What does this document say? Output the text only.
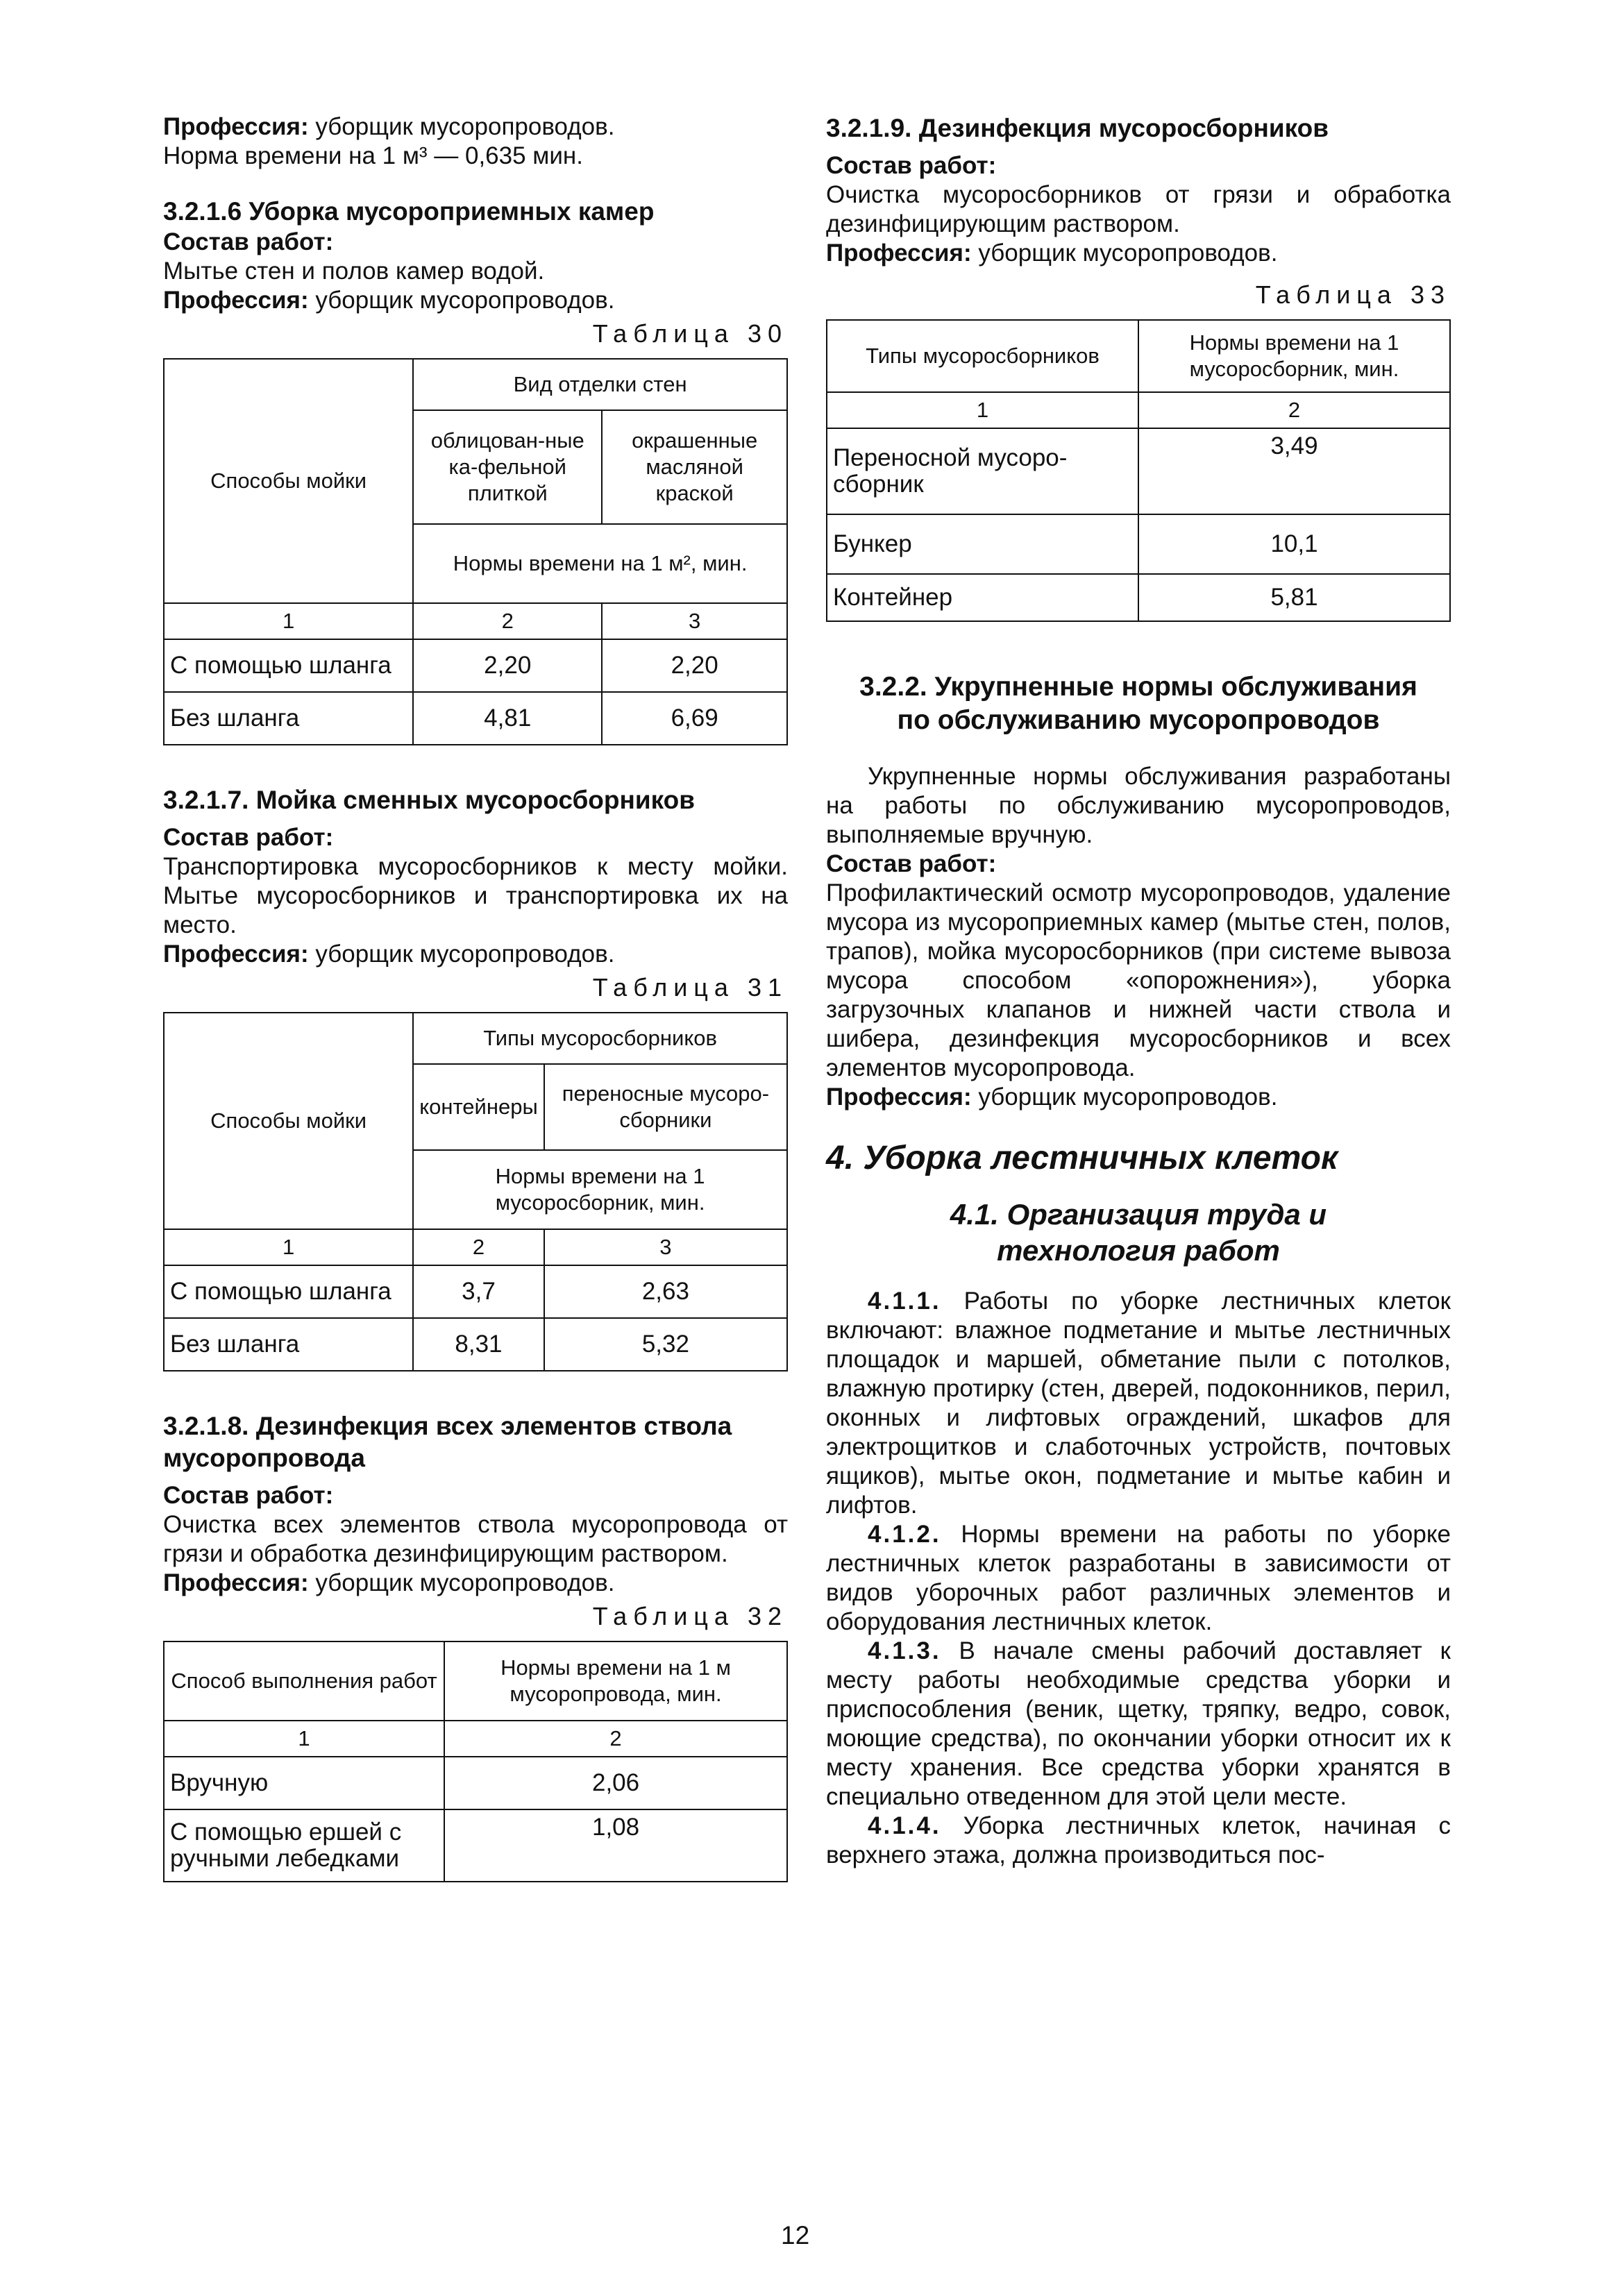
Профессия: уборщик мусоропроводов.

Норма времени на 1 м³ — 0,635 мин.

3.2.1.6 Уборка мусороприемных камер

Состав работ:

Мытье стен и полов камер водой.

Профессия: уборщик мусоропроводов.

Таблица 30

Способы мойки	Вид отделки стен	
	облицован-ные ка-фельной плиткой	окрашенные масляной краской
	Нормы времени на 1 м², мин.	
1	2	3
С помощью шланга	2,20	2,20
Без шланга	4,81	6,69

3.2.1.7. Мойка сменных мусоросборников

Состав работ:

Транспортировка мусоросборников к месту мойки. Мытье мусоросборников и транспортировка их на место.

Профессия: уборщик мусоропроводов.

Таблица 31

Способы мойки	Типы мусоросборников	
	контейнеры	переносные мусоро-сборники
	Нормы времени на 1 мусоросборник, мин.	
1	2	3
С помощью шланга	3,7	2,63
Без шланга	8,31	5,32

3.2.1.8. Дезинфекция всех элементов ствола мусоропровода

Состав работ:

Очистка всех элементов ствола мусоропровода от грязи и обработка дезинфицирующим раствором.

Профессия: уборщик мусоропроводов.

Таблица 32

Способ выполнения работ	Нормы времени на 1 м мусоропровода, мин.
1	2
Вручную	2,06
С помощью ершей с ручными лебедками	1,08

3.2.1.9. Дезинфекция мусоросборников

Состав работ:

Очистка мусоросборников от грязи и обработка дезинфицирующим раствором.

Профессия: уборщик мусоропроводов.

Таблица 33

Типы мусоросборников	Нормы времени на 1 мусоросборник, мин.
1	2
Переносной мусоро-сборник	3,49
Бункер	10,1
Контейнер	5,81

3.2.2. Укрупненные нормы обслуживания по обслуживанию мусоропроводов

Укрупненные нормы обслуживания разработаны на работы по обслуживанию мусоропроводов, выполняемые вручную.

Состав работ:

Профилактический осмотр мусоропроводов, удаление мусора из мусороприемных камер (мытье стен, полов, трапов), мойка мусоросборников (при системе вывоза мусора способом «опорожнения»), уборка загрузочных клапанов и нижней части ствола и шибера, дезинфекция мусоросборников и всех элементов мусоропровода.

Профессия: уборщик мусоропроводов.

4. Уборка лестничных клеток

4.1. Организация труда и технология работ

4.1.1. Работы по уборке лестничных клеток включают: влажное подметание и мытье лестничных площадок и маршей, обметание пыли с потолков, влажную протирку (стен, дверей, подоконников, перил, оконных и лифтовых ограждений, шкафов для электрощитков и слаботочных устройств, почтовых ящиков), мытье окон, подметание и мытье кабин и лифтов.

4.1.2. Нормы времени на работы по уборке лестничных клеток разработаны в зависимости от видов уборочных работ различных элементов и оборудования лестничных клеток.

4.1.3. В начале смены рабочий доставляет к месту работы необходимые средства уборки и приспособления (веник, щетку, тряпку, ведро, совок, моющие средства), по окончании уборки относит их к месту хранения. Все средства уборки хранятся в специально отведенном для этой цели месте.

4.1.4. Уборка лестничных клеток, начиная с верхнего этажа, должна производиться пос-

12
